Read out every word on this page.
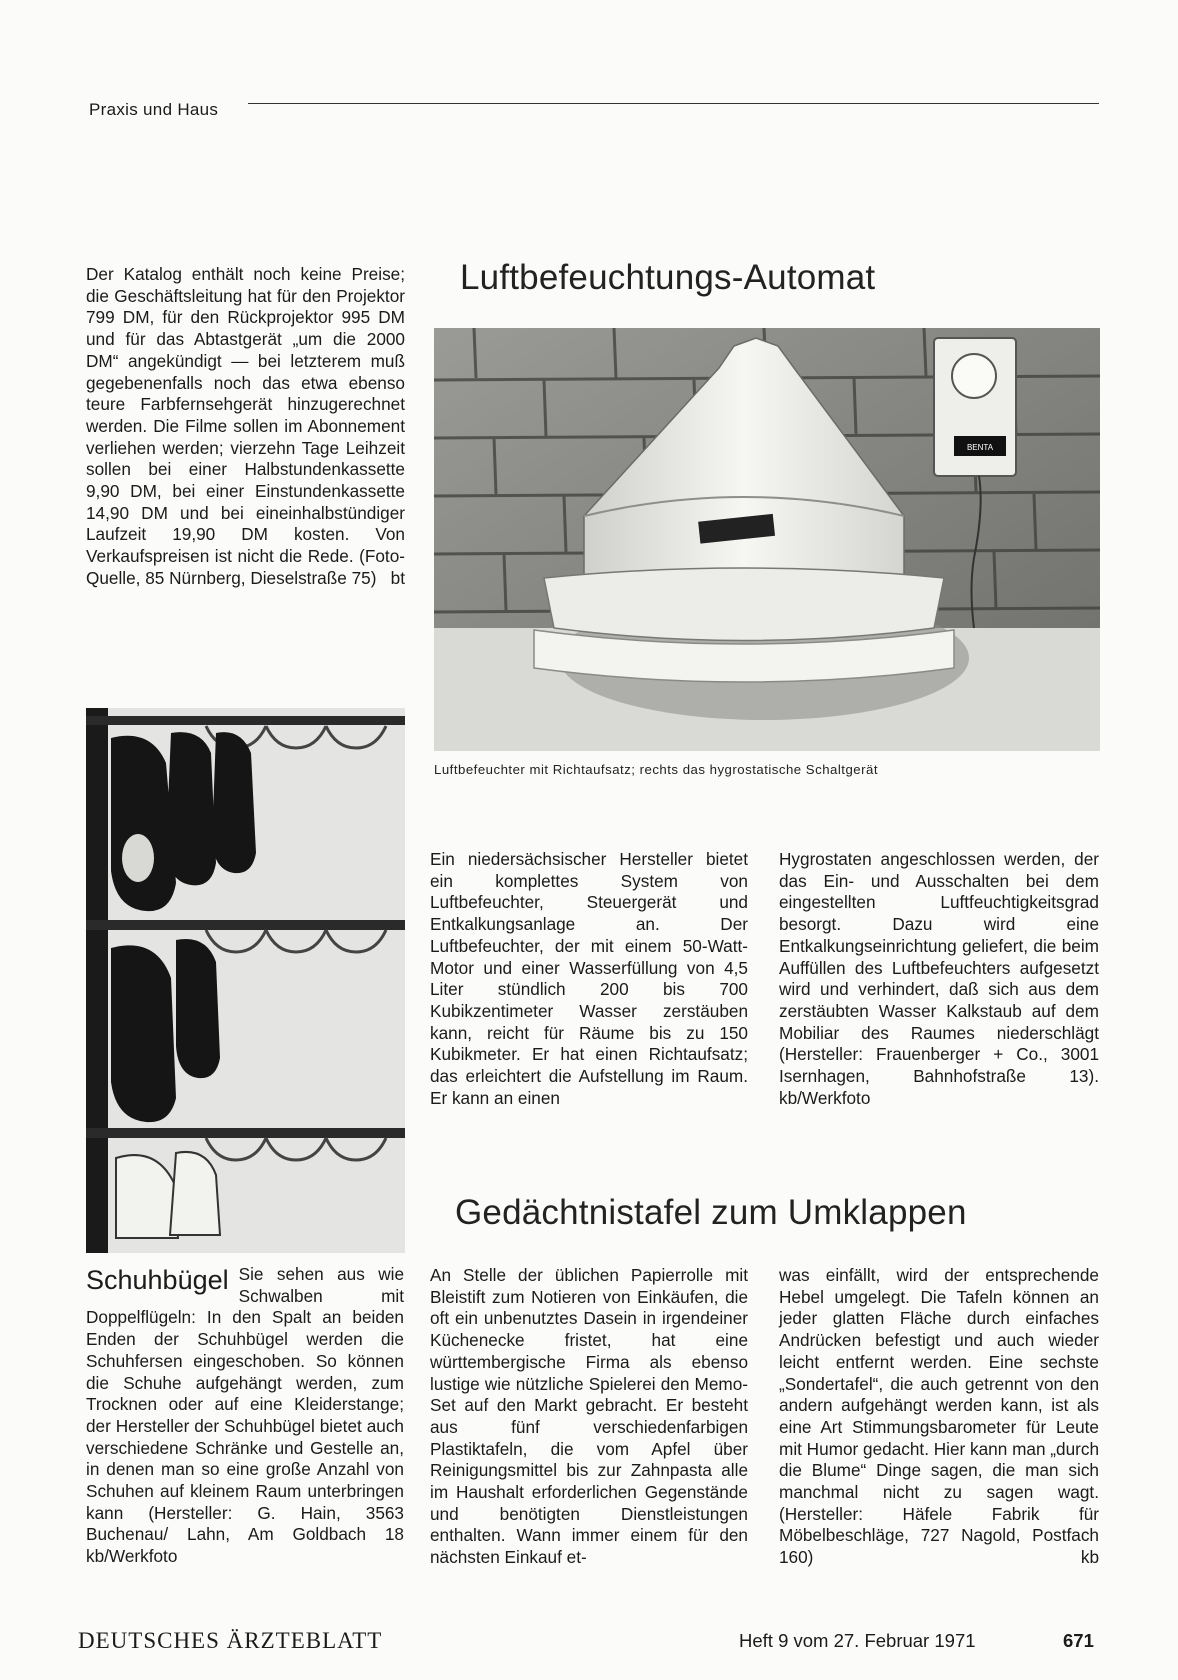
Praxis und Haus

Der Katalog enthält noch keine Preise; die Geschäftsleitung hat für den Projektor 799 DM, für den Rückprojektor 995 DM und für das Abtastgerät „um die 2000 DM“ angekündigt — bei letzterem muß gegebenenfalls noch das etwa ebenso teure Farbfernsehgerät hinzugerechnet werden. Die Filme sollen im Abonnement verliehen werden; vierzehn Tage Leihzeit sollen bei einer Halbstundenkassette 9,90 DM, bei einer Einstundenkassette 14,90 DM und bei eineinhalbstündiger Laufzeit 19,90 DM kosten. Von Verkaufspreisen ist nicht die Rede. (Foto-Quelle, 85 Nürnberg, Dieselstraße 75) bt

Luftbefeuchtungs-Automat
BENTA
Luftbefeuchter mit Richtaufsatz; rechts das hygrostatische Schaltgerät

Ein niedersächsischer Hersteller bietet ein komplettes System von Luftbefeuchter, Steuergerät und Entkalkungsanlage an. Der Luftbefeuchter, der mit einem 50-Watt-Motor und einer Wasserfüllung von 4,5 Liter stündlich 200 bis 700 Kubikzentimeter Wasser zerstäuben kann, reicht für Räume bis zu 150 Kubikmeter. Er hat einen Richtaufsatz; das erleichtert die Aufstellung im Raum. Er kann an einen

Hygrostaten angeschlossen werden, der das Ein- und Ausschalten bei dem eingestellten Luftfeuchtigkeitsgrad besorgt. Dazu wird eine Entkalkungseinrichtung geliefert, die beim Auffüllen des Luftbefeuchters aufgesetzt wird und verhindert, daß sich aus dem zerstäubten Wasser Kalkstaub auf dem Mobiliar des Raumes niederschlägt (Hersteller: Frauenberger + Co., 3001 Isernhagen, Bahnhofstraße 13). kb/Werkfoto

Schuhbügel Sie sehen aus wie Schwalben mit Doppelflügeln: In den Spalt an beiden Enden der Schuhbügel werden die Schuhfersen eingeschoben. So können die Schuhe aufgehängt werden, zum Trocknen oder auf eine Kleiderstange; der Hersteller der Schuhbügel bietet auch verschiedene Schränke und Gestelle an, in denen man so eine große Anzahl von Schuhen auf kleinem Raum unterbringen kann (Hersteller: G. Hain, 3563 Buchenau/ Lahn, Am Goldbach 18 kb/Werkfoto

Gedächtnistafel zum Umklappen

An Stelle der üblichen Papierrolle mit Bleistift zum Notieren von Einkäufen, die oft ein unbenutztes Dasein in irgendeiner Küchenecke fristet, hat eine württembergische Firma als ebenso lustige wie nützliche Spielerei den Memo-Set auf den Markt gebracht. Er besteht aus fünf verschiedenfarbigen Plastiktafeln, die vom Apfel über Reinigungsmittel bis zur Zahnpasta alle im Haushalt erforderlichen Gegenstände und benötigten Dienstleistungen enthalten. Wann immer einem für den nächsten Einkauf et-

was einfällt, wird der entsprechende Hebel umgelegt. Die Tafeln können an jeder glatten Fläche durch einfaches Andrücken befestigt und auch wieder leicht entfernt werden. Eine sechste „Sondertafel“, die auch getrennt von den andern aufgehängt werden kann, ist als eine Art Stimmungsbarometer für Leute mit Humor gedacht. Hier kann man „durch die Blume“ Dinge sagen, die man sich manchmal nicht zu sagen wagt. (Hersteller: Häfele Fabrik für Möbelbeschläge, 727 Nagold, Postfach 160)	kb

DEUTSCHES ÄRZTEBLATT	Heft 9 vom 27. Februar 1971	671
